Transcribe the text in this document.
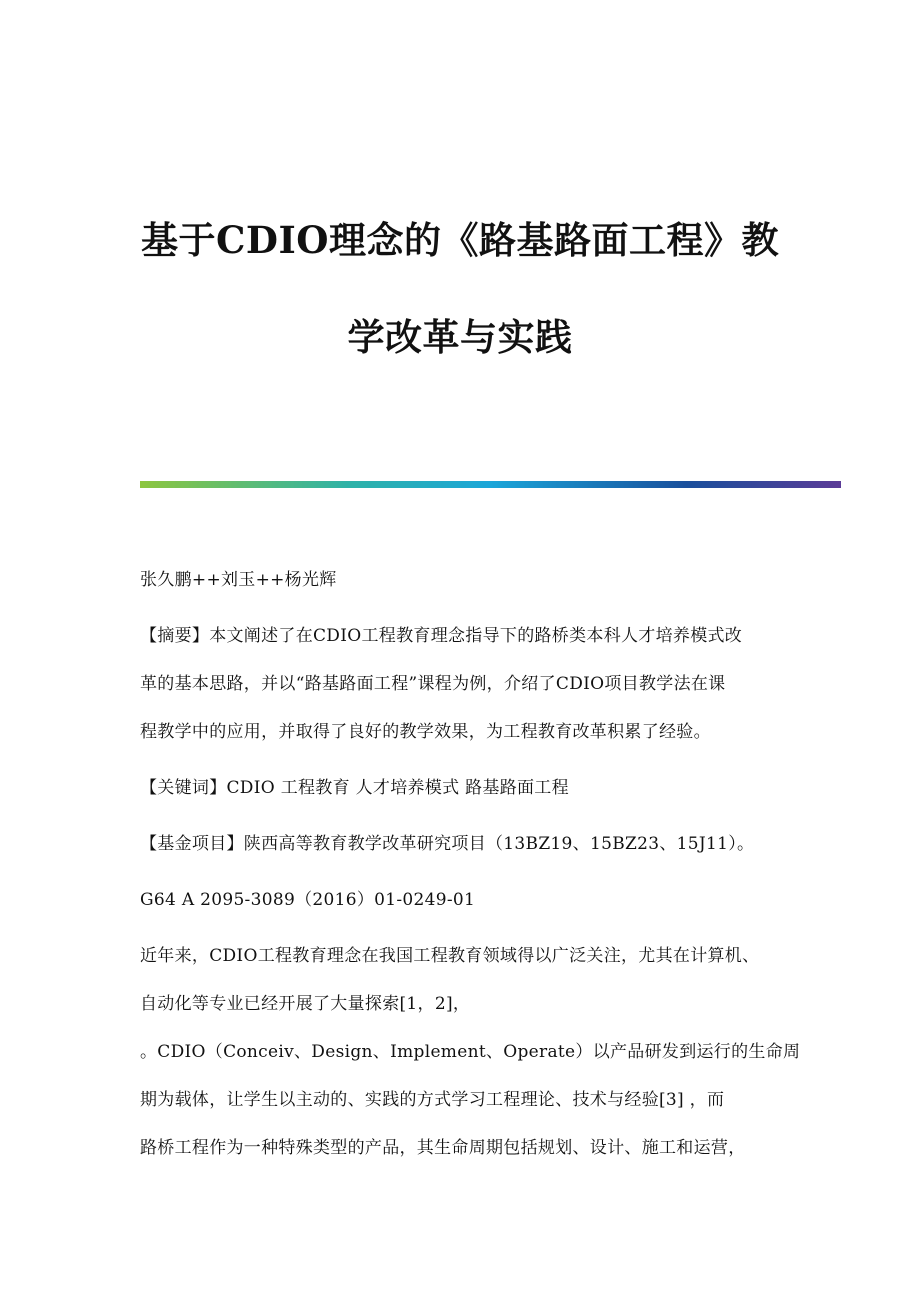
基于CDIO理念的《路基路面工程》教
学改革与实践
张久鹏++刘玉++杨光辉
【摘要】本文阐述了在CDIO工程教育理念指导下的路桥类本科人才培养模式改
革的基本思路，并以“路基路面工程”课程为例，介绍了CDIO项目教学法在课
程教学中的应用，并取得了良好的教学效果，为工程教育改革积累了经验。
【关键词】CDIO 工程教育 人才培养模式 路基路面工程
【基金项目】陕西高等教育教学改革研究项目（13BZ19、15BZ23、15J11）。
G64 A 2095-3089（2016）01-0249-01
近年来，CDIO工程教育理念在我国工程教育领域得以广泛关注，尤其在计算机、
自动化等专业已经开展了大量探索[1，2]，
。CDIO（Conceiv、Design、Implement、Operate）以产品研发到运行的生命周
期为载体，让学生以主动的、实践的方式学习工程理论、技术与经验[3] ，而
路桥工程作为一种特殊类型的产品，其生命周期包括规划、设计、施工和运营，
